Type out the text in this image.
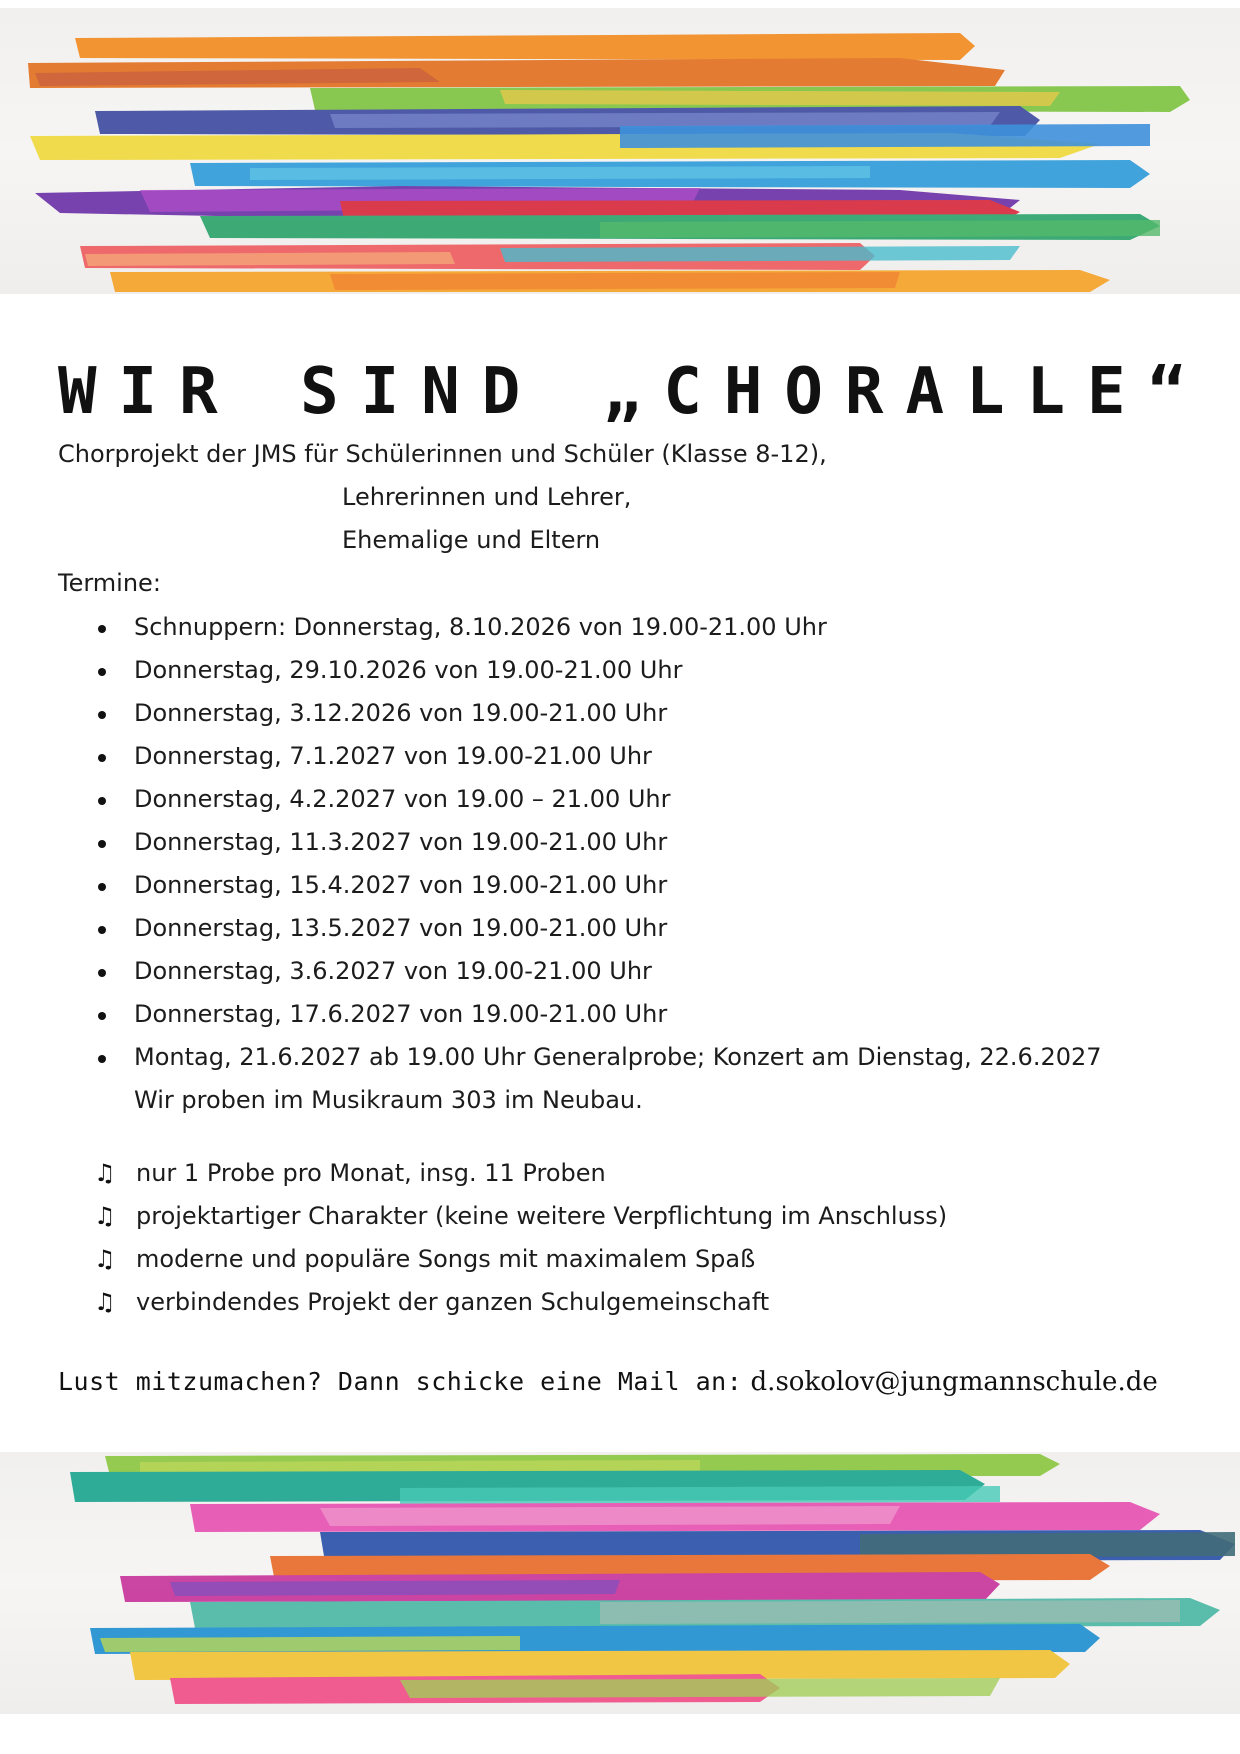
WIR SIND „CHORALLE“
Chorprojekt der JMS für Schülerinnen und Schüler (Klasse 8-12),
Lehrerinnen und Lehrer,
Ehemalige und Eltern
Termine:
Schnuppern: Donnerstag, 8.10.2026 von 19.00-21.00 Uhr
Donnerstag, 29.10.2026 von 19.00-21.00 Uhr
Donnerstag, 3.12.2026 von 19.00-21.00 Uhr
Donnerstag, 7.1.2027 von 19.00-21.00 Uhr
Donnerstag, 4.2.2027 von 19.00 – 21.00 Uhr
Donnerstag, 11.3.2027 von 19.00-21.00 Uhr
Donnerstag, 15.4.2027 von 19.00-21.00 Uhr
Donnerstag, 13.5.2027 von 19.00-21.00 Uhr
Donnerstag, 3.6.2027 von 19.00-21.00 Uhr
Donnerstag, 17.6.2027 von 19.00-21.00 Uhr
Montag, 21.6.2027 ab 19.00 Uhr Generalprobe; Konzert am Dienstag, 22.6.2027
Wir proben im Musikraum 303 im Neubau.
♫ nur 1 Probe pro Monat, insg. 11 Proben
♫ projektartiger Charakter (keine weitere Verpflichtung im Anschluss)
♫ moderne und populäre Songs mit maximalem Spaß
♫ verbindendes Projekt der ganzen Schulgemeinschaft
Lust mitzumachen? Dann schicke eine Mail an: d.sokolov@jungmannschule.de
